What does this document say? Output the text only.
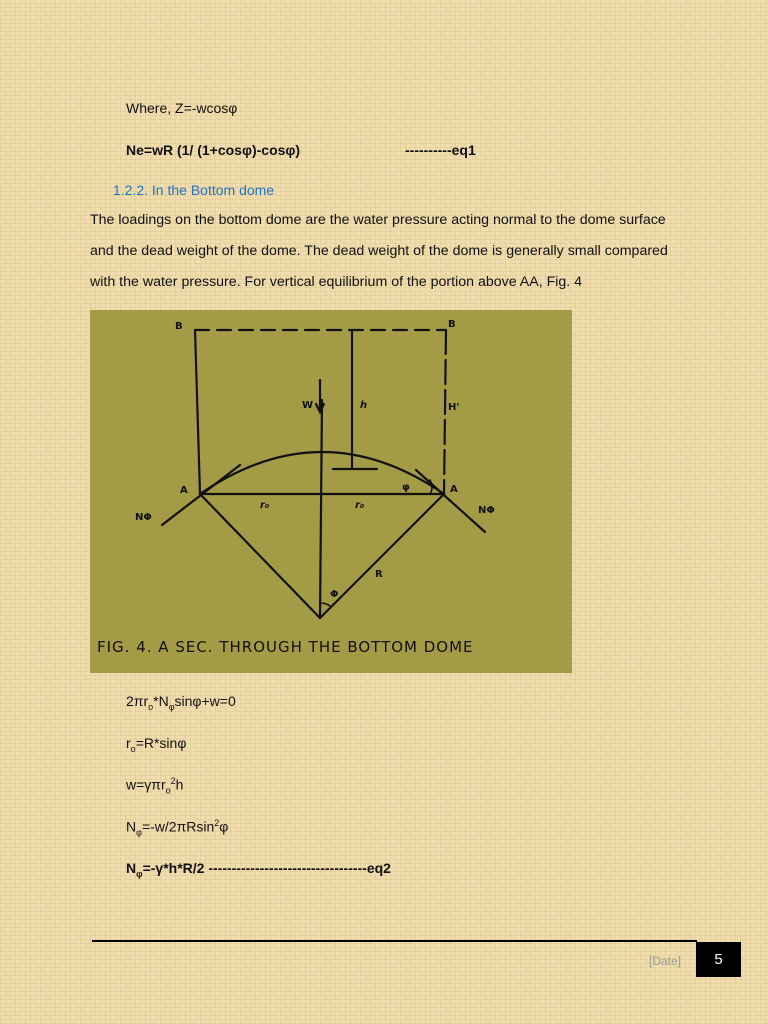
Where, Z=-wcosφ
Ne=wR (1/ (1+cosφ)-cosφ)	----------eq1
1.2.2. In the Bottom dome
The loadings on the bottom dome are the water pressure acting normal to the dome surface
and the dead weight of the dome. The dead weight of the dome is generally small compared
with the water pressure. For vertical equilibrium of the portion above AA, Fig. 4
B	B
A	A
W	h	H'
NΦ
NΦ
R
Φ
φ
r₀	r₀
FIG. 4. A SEC. THROUGH THE BOTTOM DOME
$2\pi r_o*N_\varphi\sin\varphi+w=0$
$r_o=R*\sin\varphi$
w=γπr$_o^2$h
$N_\varphi=-w/2\pi Rsin^2\varphi$
$N_\varphi=-\gamma*h*R/2$ ----------------------------------eq2
[Date]	5
